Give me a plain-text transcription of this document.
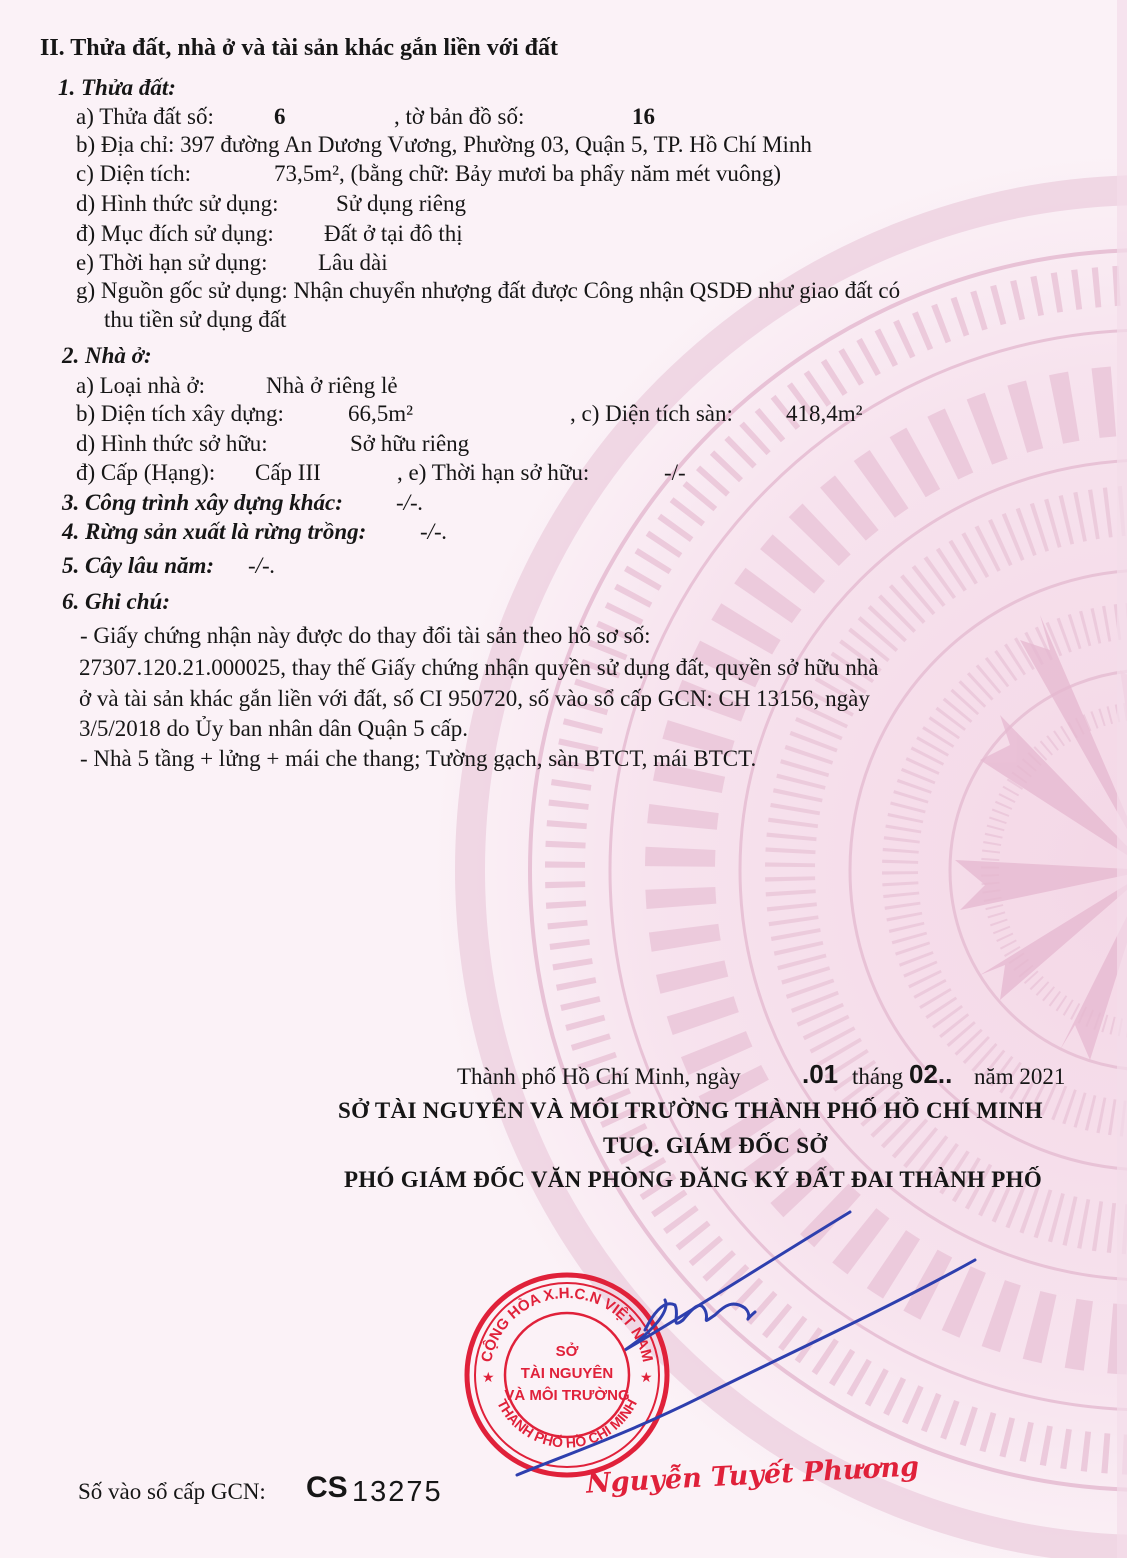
II. Thửa đất, nhà ở và tài sản khác gắn liền với đất
1. Thửa đất:
a) Thửa đất số:	6	, tờ bản đồ số:	16
b) Địa chỉ: 397 đường An Dương Vương, Phường 03, Quận 5, TP. Hồ Chí Minh
c) Diện tích:	73,5m², (bằng chữ: Bảy mươi ba phẩy năm mét vuông)
d) Hình thức sử dụng: Sử dụng riêng
đ) Mục đích sử dụng: Đất ở tại đô thị
e) Thời hạn sử dụng: Lâu dài
g) Nguồn gốc sử dụng: Nhận chuyển nhượng đất được Công nhận QSDĐ như giao đất có
thu tiền sử dụng đất
2. Nhà ở:
a) Loại nhà ở:	Nhà ở riêng lẻ
b) Diện tích xây dựng:	66,5m²	, c) Diện tích sàn: 418,4m²
d) Hình thức sở hữu:	Sở hữu riêng
đ) Cấp (Hạng): Cấp III	, e) Thời hạn sở hữu:	-/-
3. Công trình xây dựng khác: -/-.
4. Rừng sản xuất là rừng trồng: -/-.
5. Cây lâu năm: -/-.
6. Ghi chú:
- Giấy chứng nhận này được do thay đổi tài sản theo hồ sơ số:
27307.120.21.000025, thay thế Giấy chứng nhận quyền sử dụng đất, quyền sở hữu nhà
ở và tài sản khác gắn liền với đất, số CI 950720, số vào sổ cấp GCN: CH 13156, ngày
3/5/2018 do Ủy ban nhân dân Quận 5 cấp.
- Nhà 5 tầng + lửng + mái che thang; Tường gạch, sàn BTCT, mái BTCT.
Thành phố Hồ Chí Minh, ngày .01 tháng 02.. năm 2021
SỞ TÀI NGUYÊN VÀ MÔI TRƯỜNG THÀNH PHỐ HỒ CHÍ MINH
TUQ. GIÁM ĐỐC SỞ
PHÓ GIÁM ĐỐC VĂN PHÒNG ĐĂNG KÝ ĐẤT ĐAI THÀNH PHỐ
CỘNG HÒA X.H.C.N VIỆT NAM
THÀNH PHỐ HỒ CHÍ MINH
★	★
SỞ
TÀI NGUYÊN
VÀ MÔI TRƯỜNG
Nguyễn Tuyết Phương
Số vào sổ cấp GCN: CS 13275
